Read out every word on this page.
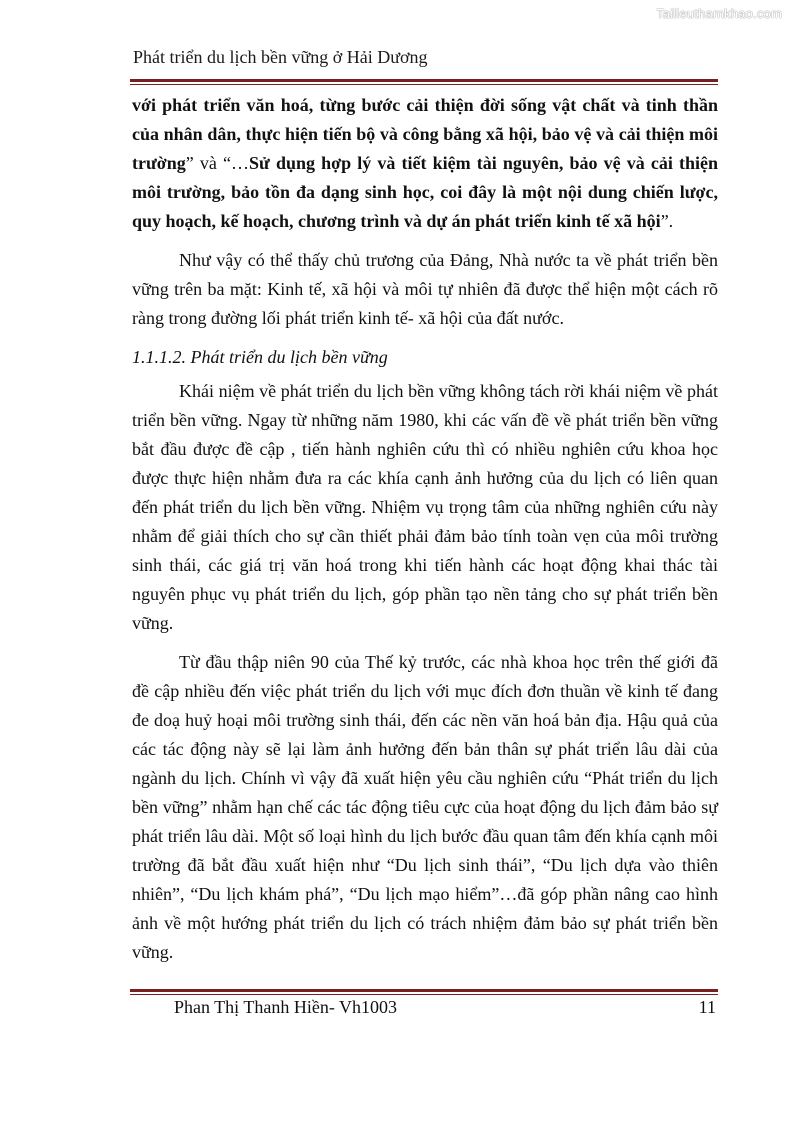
Tailieuthamkhao.com
Phát triển du lịch bền vững ở Hải Dương

với phát triển văn hoá, từng bước cải thiện đời sống vật chất và tinh thần của nhân dân, thực hiện tiến bộ và công bằng xã hội, bảo vệ và cải thiện môi trường” và “…Sử dụng hợp lý và tiết kiệm tài nguyên, bảo vệ và cải thiện môi trường, bảo tồn đa dạng sinh học, coi đây là một nội dung chiến lược, quy hoạch, kế hoạch, chương trình và dự án phát triển kinh tế xã hội”.

Như vậy có thể thấy chủ trương của Đảng, Nhà nước ta về phát triển bền vững trên ba mặt: Kinh tế, xã hội và môi tự nhiên đã được thể hiện một cách rõ ràng trong đường lối phát triển kinh tế- xã hội của đất nước.

1.1.1.2. Phát triển du lịch bền vững

Khái niệm về phát triển du lịch bền vững không tách rời khái niệm về phát triển bền vững. Ngay từ những năm 1980, khi các vấn đề về phát triển bền vững bắt đầu được đề cập , tiến hành nghiên cứu thì có nhiều nghiên cứu khoa học được thực hiện nhằm đưa ra các khía cạnh ảnh hưởng của du lịch có liên quan đến phát triển du lịch bền vững. Nhiệm vụ trọng tâm của những nghiên cứu này nhằm để giải thích cho sự cần thiết phải đảm bảo tính toàn vẹn của môi trường sinh thái, các giá trị văn hoá trong khi tiến hành các hoạt động khai thác tài nguyên phục vụ phát triển du lịch, góp phần tạo nền tảng cho sự phát triển bền vững.

Từ đầu thập niên 90 của Thế kỷ trước, các nhà khoa học trên thế giới đã đề cập nhiều đến việc phát triển du lịch với mục đích đơn thuần về kinh tế đang đe doạ huỷ hoại môi trường sinh thái, đến các nền văn hoá bản địa. Hậu quả của các tác động này sẽ lại làm ảnh hưởng đến bản thân sự phát triển lâu dài của ngành du lịch. Chính vì vậy đã xuất hiện yêu cầu nghiên cứu “Phát triển du lịch bền vững” nhằm hạn chế các tác động tiêu cực của hoạt động du lịch đảm bảo sự phát triển lâu dài. Một số loại hình du lịch bước đầu quan tâm đến khía cạnh môi trường đã bắt đầu xuất hiện như “Du lịch sinh thái”, “Du lịch dựa vào thiên nhiên”, “Du lịch khám phá”, “Du lịch mạo hiểm”…đã góp phần nâng cao hình ảnh về một hướng phát triển du lịch có trách nhiệm đảm bảo sự phát triển bền vững.

Phan Thị Thanh Hiền- Vh1003	11
